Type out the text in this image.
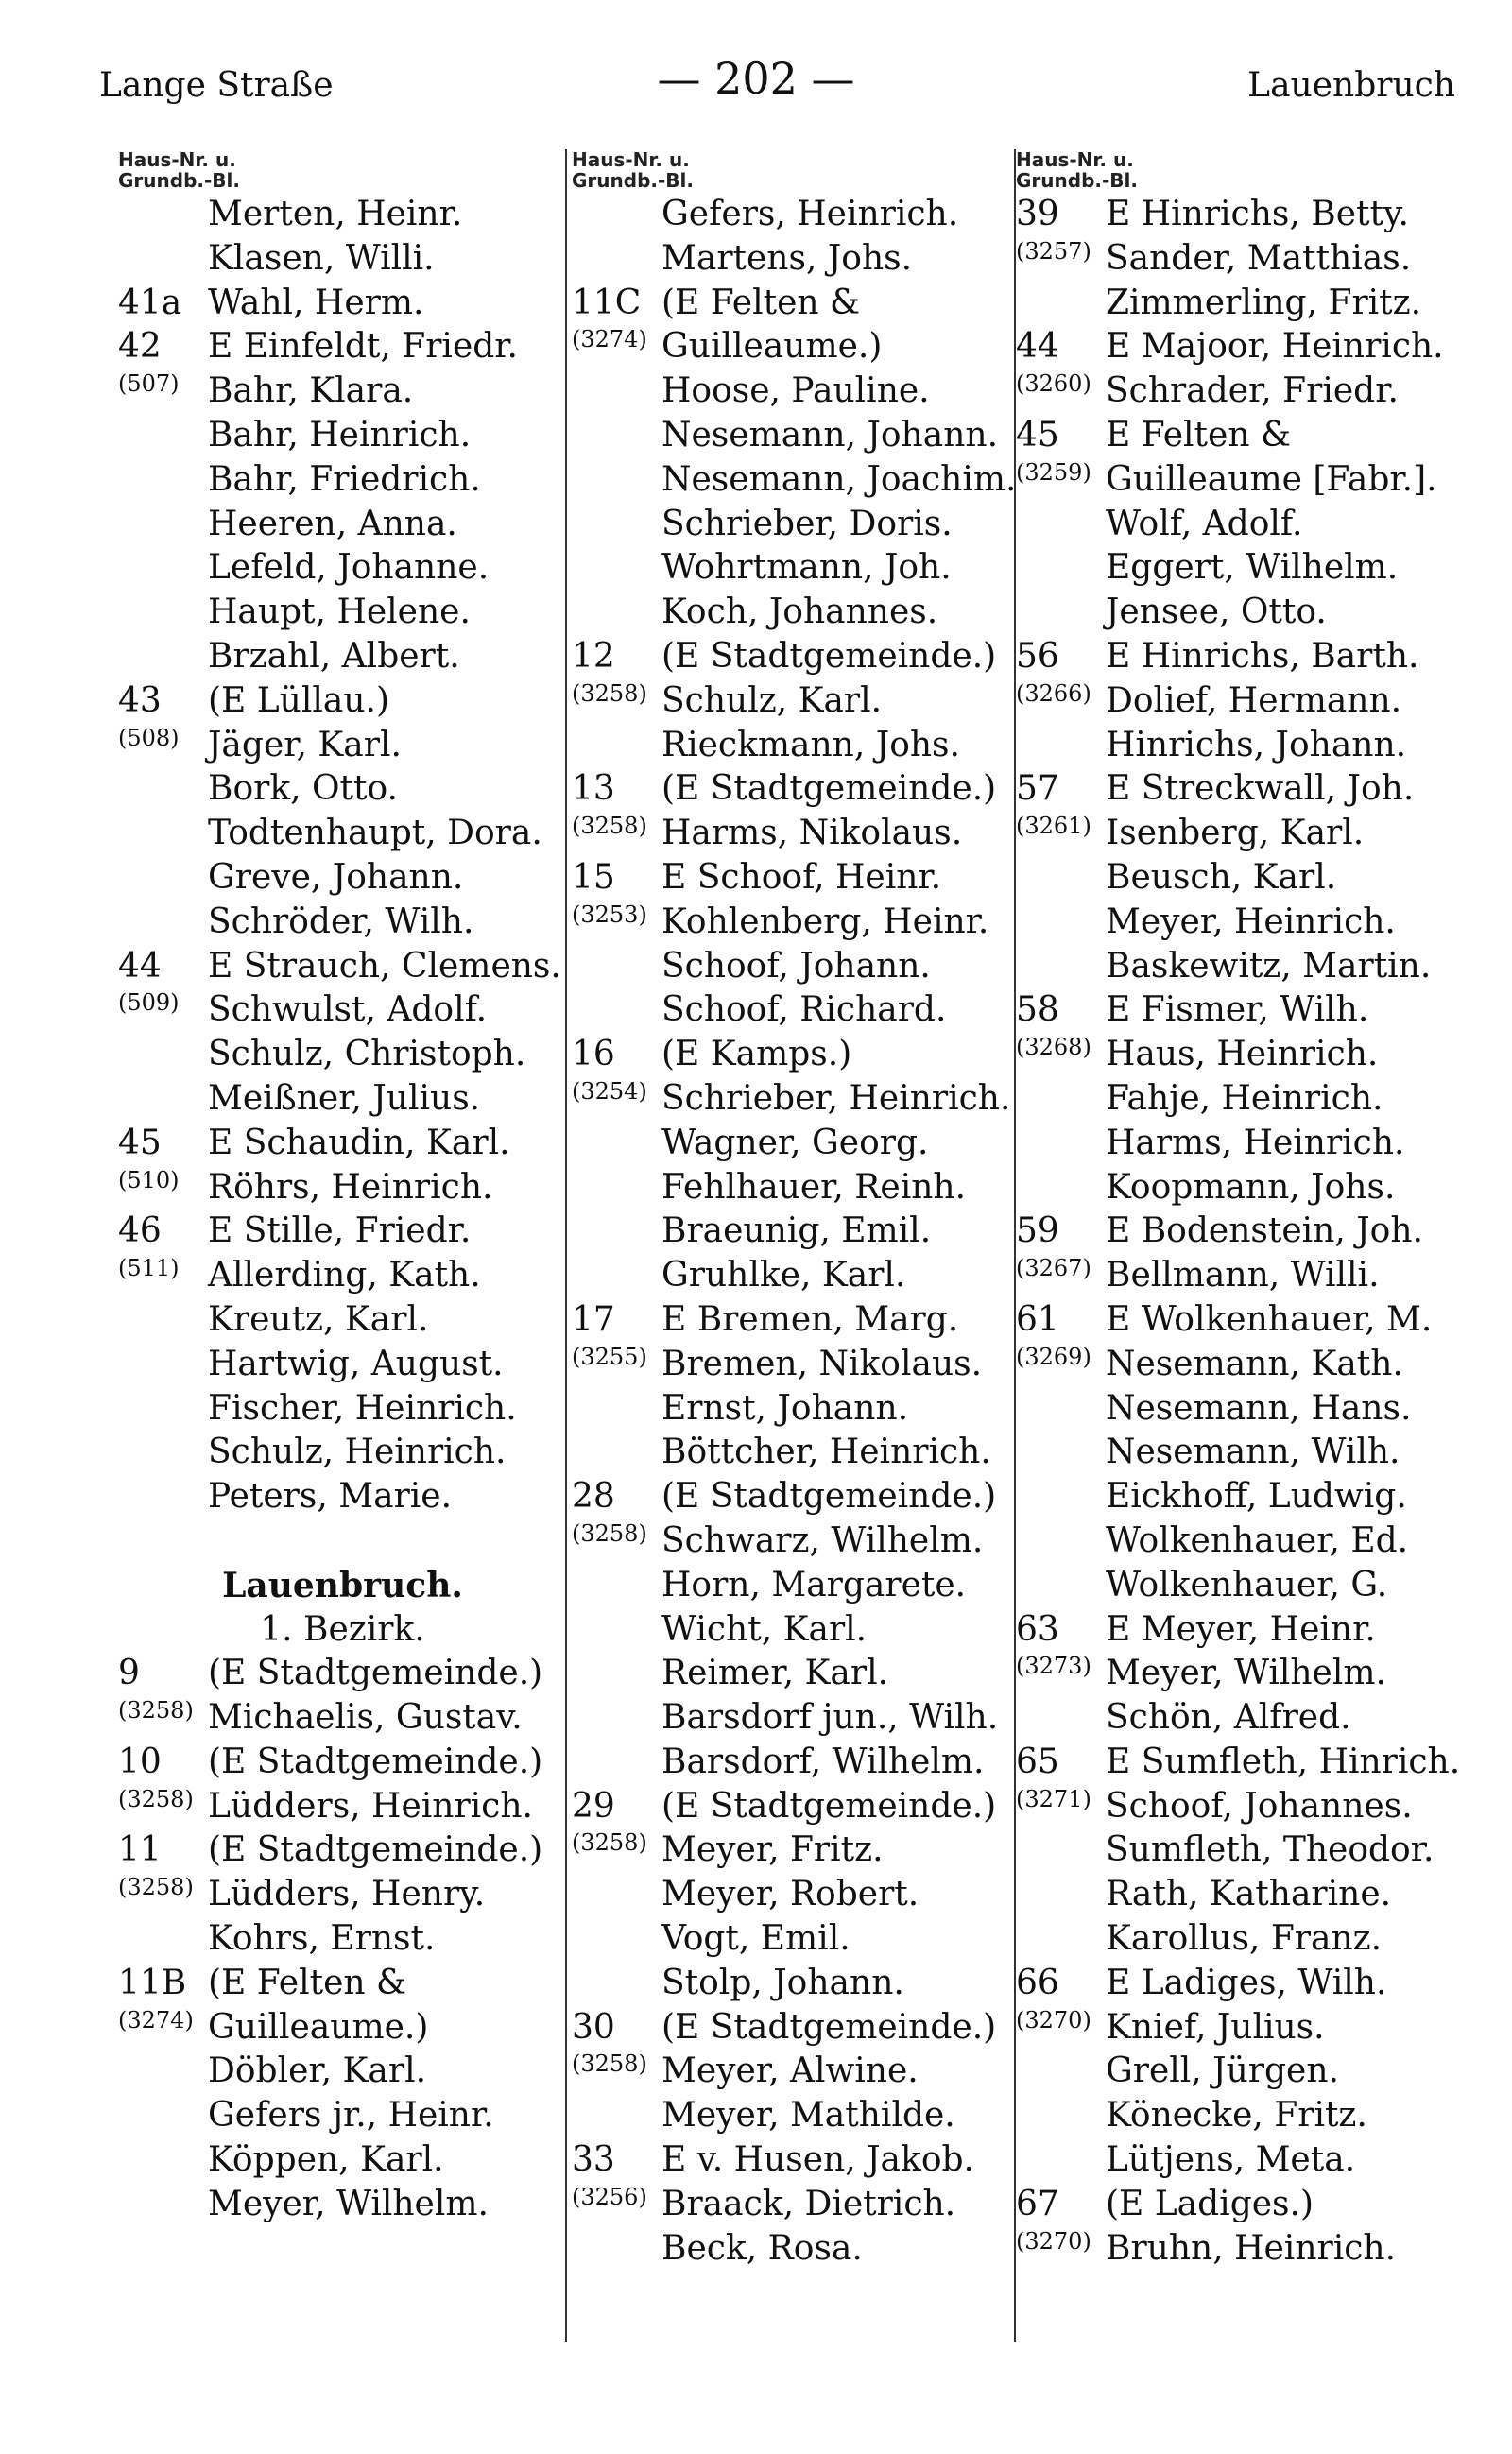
Lange Straße	— 202 —	Lauenbruch
Haus-Nr. u.
Grundb.-Bl.
Merten, Heinr.
Klasen, Willi.
41a Wahl, Herm.
42	E Einfeldt, Friedr.
(507) Bahr, Klara.
Bahr, Heinrich.
Bahr, Friedrich.
Heeren, Anna.
Lefeld, Johanne.
Haupt, Helene.
Brzahl, Albert.
43	(E Lüllau.)
(508) Jäger, Karl.
Bork, Otto.
Todtenhaupt, Dora.
Greve, Johann.
Schröder, Wilh.
44	E Strauch, Clemens.
(509) Schwulst, Adolf.
Schulz, Christoph.
Meißner, Julius.
45	E Schaudin, Karl.
(510) Röhrs, Heinrich.
46	E Stille, Friedr.
(511) Allerding, Kath.
Kreutz, Karl.
Hartwig, August.
Fischer, Heinrich.
Schulz, Heinrich.
Peters, Marie.
Lauenbruch.
1. Bezirk.
9	(E Stadtgemeinde.)
(3258) Michaelis, Gustav.
10	(E Stadtgemeinde.)
(3258) Lüdders, Heinrich.
11	(E Stadtgemeinde.)
(3258) Lüdders, Henry.
Kohrs, Ernst.
11B (E Felten &
(3274) Guilleaume.)
Döbler, Karl.
Gefers jr., Heinr.
Köppen, Karl.
Meyer, Wilhelm.
Haus-Nr. u.
Grundb.-Bl.
Gefers, Heinrich.
Martens, Johs.
11C (E Felten &
(3274) Guilleaume.)
Hoose, Pauline.
Nesemann, Johann.
Nesemann, Joachim.
Schrieber, Doris.
Wohrtmann, Joh.
Koch, Johannes.
12	(E Stadtgemeinde.)
(3258) Schulz, Karl.
Rieckmann, Johs.
13	(E Stadtgemeinde.)
(3258) Harms, Nikolaus.
15	E Schoof, Heinr.
(3253) Kohlenberg, Heinr.
Schoof, Johann.
Schoof, Richard.
16	(E Kamps.)
(3254) Schrieber, Heinrich.
Wagner, Georg.
Fehlhauer, Reinh.
Braeunig, Emil.
Gruhlke, Karl.
17	E Bremen, Marg.
(3255) Bremen, Nikolaus.
Ernst, Johann.
Böttcher, Heinrich.
28	(E Stadtgemeinde.)
(3258) Schwarz, Wilhelm.
Horn, Margarete.
Wicht, Karl.
Reimer, Karl.
Barsdorf jun., Wilh.
Barsdorf, Wilhelm.
29	(E Stadtgemeinde.)
(3258) Meyer, Fritz.
Meyer, Robert.
Vogt, Emil.
Stolp, Johann.
30	(E Stadtgemeinde.)
(3258) Meyer, Alwine.
Meyer, Mathilde.
33	E v. Husen, Jakob.
(3256) Braack, Dietrich.
Beck, Rosa.
Haus-Nr. u.
Grundb.-Bl.
39	E Hinrichs, Betty.
(3257) Sander, Matthias.
Zimmerling, Fritz.
44	E Majoor, Heinrich.
(3260) Schrader, Friedr.
45	E Felten &
(3259) Guilleaume [Fabr.].
Wolf, Adolf.
Eggert, Wilhelm.
Jensee, Otto.
56	E Hinrichs, Barth.
(3266) Dolief, Hermann.
Hinrichs, Johann.
57	E Streckwall, Joh.
(3261) Isenberg, Karl.
Beusch, Karl.
Meyer, Heinrich.
Baskewitz, Martin.
58	E Fismer, Wilh.
(3268) Haus, Heinrich.
Fahje, Heinrich.
Harms, Heinrich.
Koopmann, Johs.
59	E Bodenstein, Joh.
(3267) Bellmann, Willi.
61	E Wolkenhauer, M.
(3269) Nesemann, Kath.
Nesemann, Hans.
Nesemann, Wilh.
Eickhoff, Ludwig.
Wolkenhauer, Ed.
Wolkenhauer, G.
63	E Meyer, Heinr.
(3273) Meyer, Wilhelm.
Schön, Alfred.
65	E Sumfleth, Hinrich.
(3271) Schoof, Johannes.
Sumfleth, Theodor.
Rath, Katharine.
Karollus, Franz.
66	E Ladiges, Wilh.
(3270) Knief, Julius.
Grell, Jürgen.
Könecke, Fritz.
Lütjens, Meta.
67	(E Ladiges.)
(3270) Bruhn, Heinrich.
